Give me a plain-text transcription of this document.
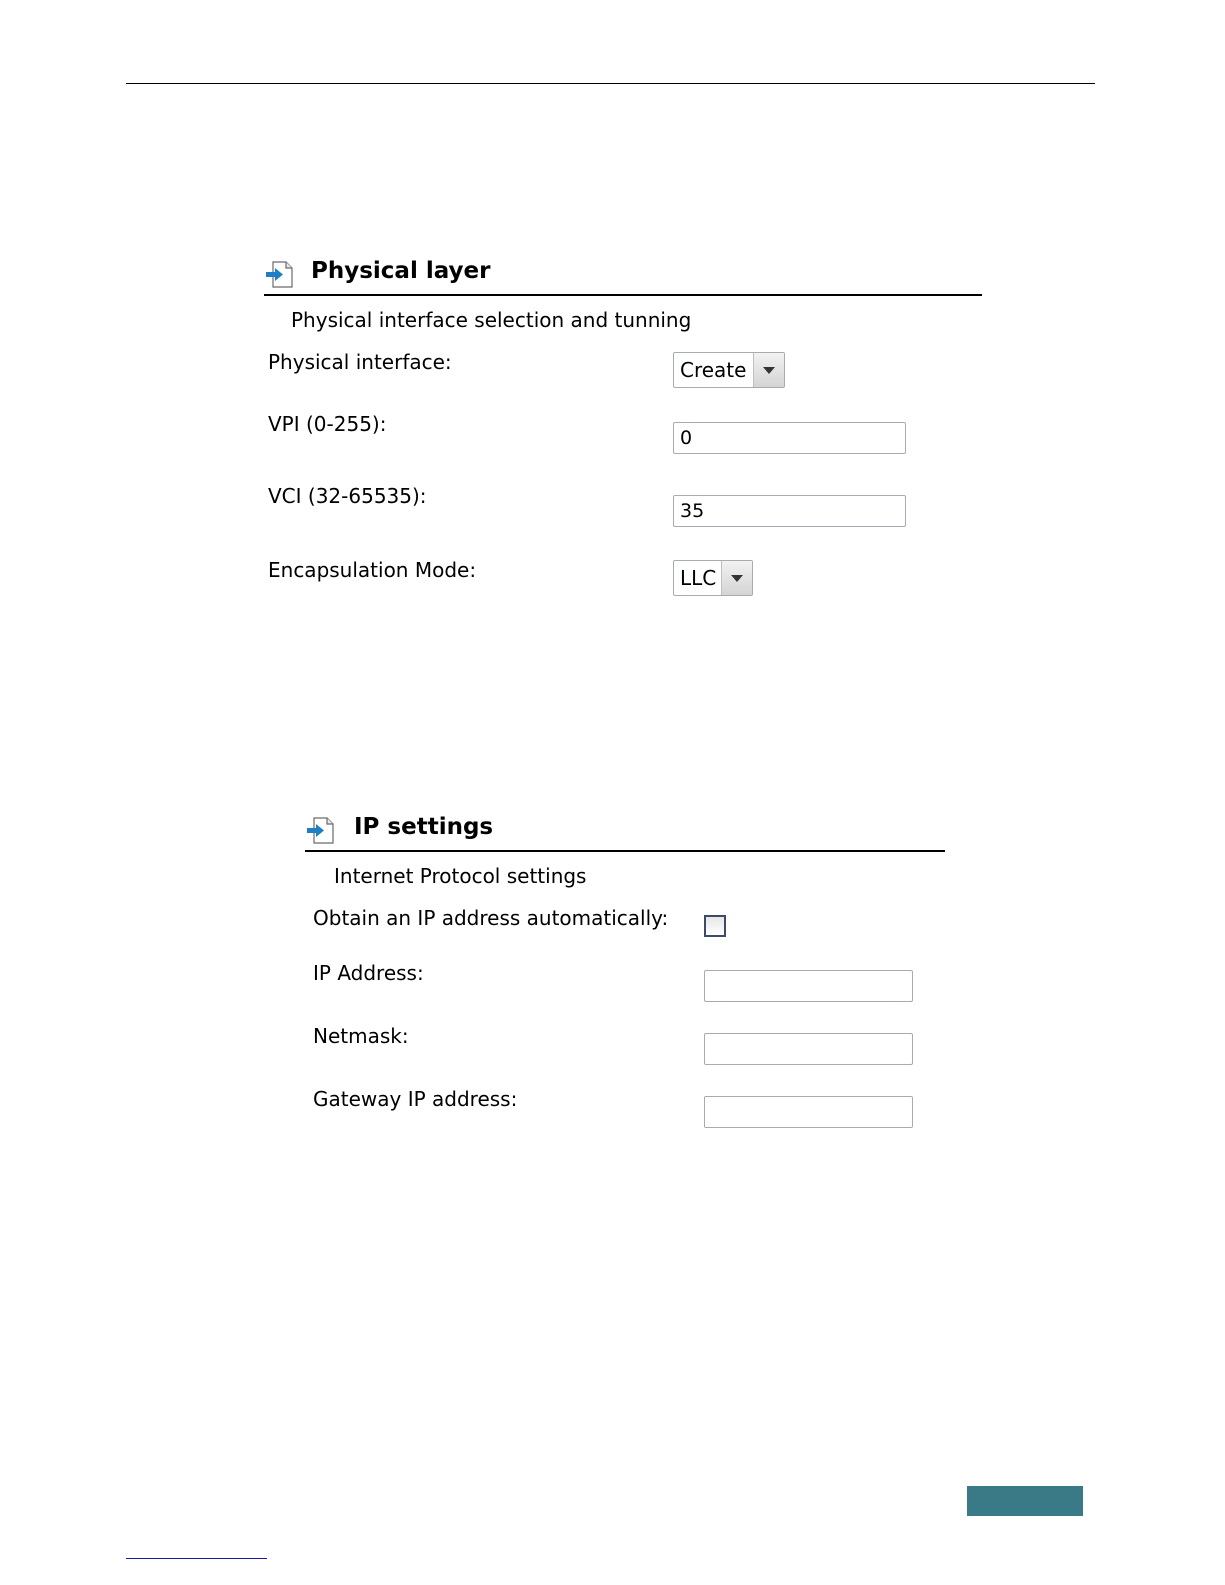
Physical layer
Physical interface selection and tunning
Physical interface:	Create
VPI (0-255):
0
VCI (32-65535):
35
Encapsulation Mode:	LLC
IP settings
Internet Protocol settings
Obtain an IP address automatically:
IP Address:
Netmask:
Gateway IP address:
